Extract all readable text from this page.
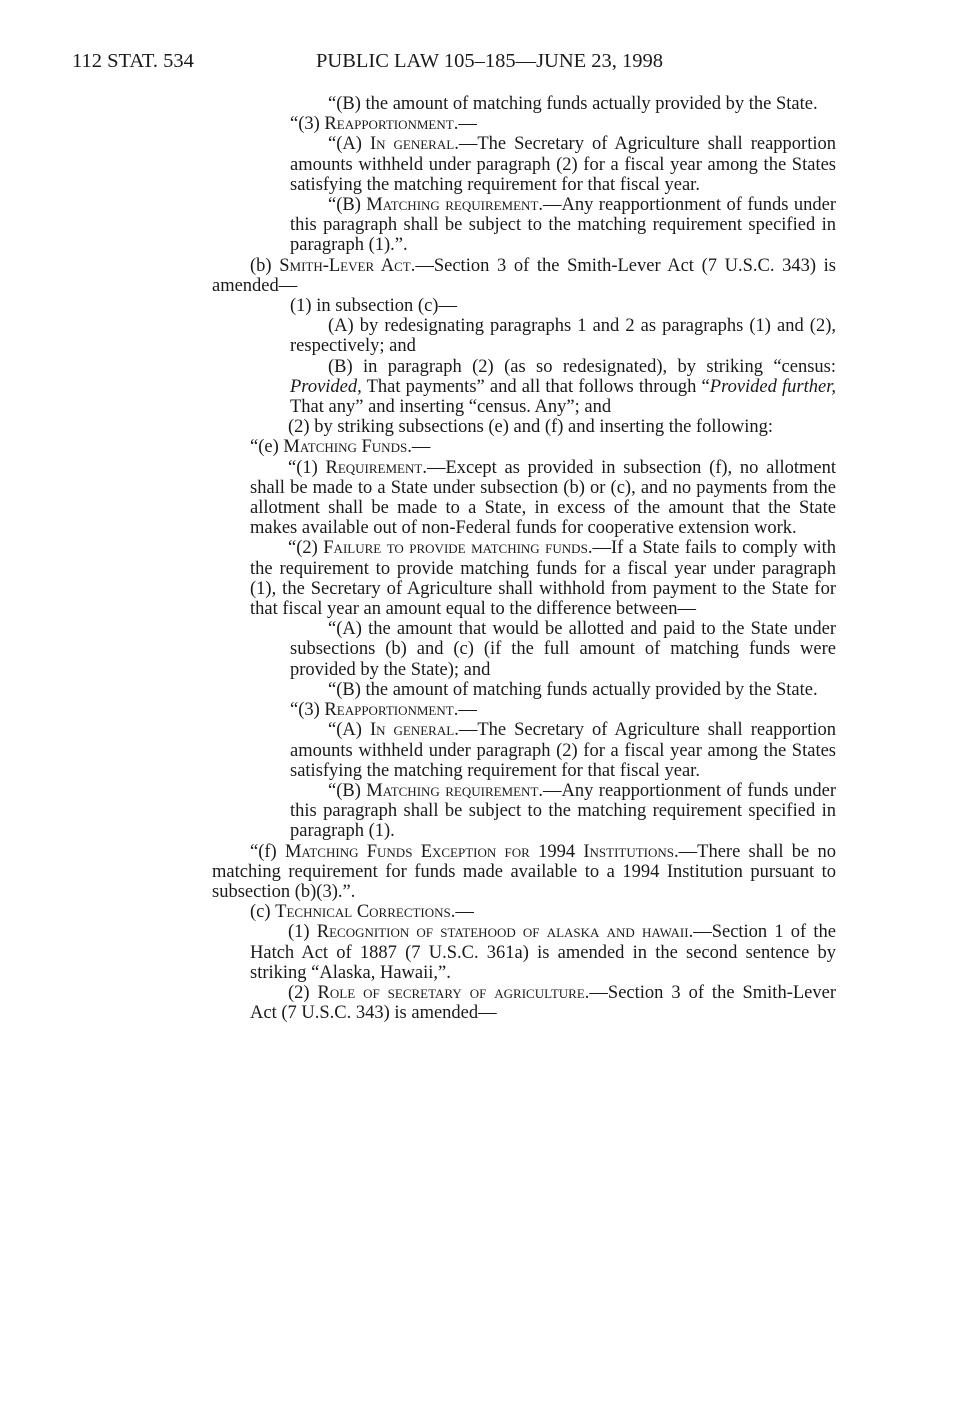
112 STAT. 534	PUBLIC LAW 105–185—JUNE 23, 1998

“(B) the amount of matching funds actually provided by the State.

“(3) Reapportionment.—

“(A) In general.—The Secretary of Agriculture shall reapportion amounts withheld under paragraph (2) for a fiscal year among the States satisfying the matching requirement for that fiscal year.

“(B) Matching requirement.—Any reapportionment of funds under this paragraph shall be subject to the matching requirement specified in paragraph (1).”.

(b) Smith-Lever Act.—Section 3 of the Smith-Lever Act (7 U.S.C. 343) is amended—

(1) in subsection (c)—

(A) by redesignating paragraphs 1 and 2 as paragraphs (1) and (2), respectively; and

(B) in paragraph (2) (as so redesignated), by striking “census: Provided, That payments” and all that follows through “Provided further, That any” and inserting “census. Any”; and

(2) by striking subsections (e) and (f) and inserting the following:

“(e) Matching Funds.—

“(1) Requirement.—Except as provided in subsection (f), no allotment shall be made to a State under subsection (b) or (c), and no payments from the allotment shall be made to a State, in excess of the amount that the State makes available out of non-Federal funds for cooperative extension work.

“(2) Failure to provide matching funds.—If a State fails to comply with the requirement to provide matching funds for a fiscal year under paragraph (1), the Secretary of Agriculture shall withhold from payment to the State for that fiscal year an amount equal to the difference between—

“(A) the amount that would be allotted and paid to the State under subsections (b) and (c) (if the full amount of matching funds were provided by the State); and

“(B) the amount of matching funds actually provided by the State.

“(3) Reapportionment.—

“(A) In general.—The Secretary of Agriculture shall reapportion amounts withheld under paragraph (2) for a fiscal year among the States satisfying the matching requirement for that fiscal year.

“(B) Matching requirement.—Any reapportionment of funds under this paragraph shall be subject to the matching requirement specified in paragraph (1).

“(f) Matching Funds Exception for 1994 Institutions.—There shall be no matching requirement for funds made available to a 1994 Institution pursuant to subsection (b)(3).”.

(c) Technical Corrections.—

(1) Recognition of statehood of alaska and hawaii.—Section 1 of the Hatch Act of 1887 (7 U.S.C. 361a) is amended in the second sentence by striking “Alaska, Hawaii,”.

(2) Role of secretary of agriculture.—Section 3 of the Smith-Lever Act (7 U.S.C. 343) is amended—
